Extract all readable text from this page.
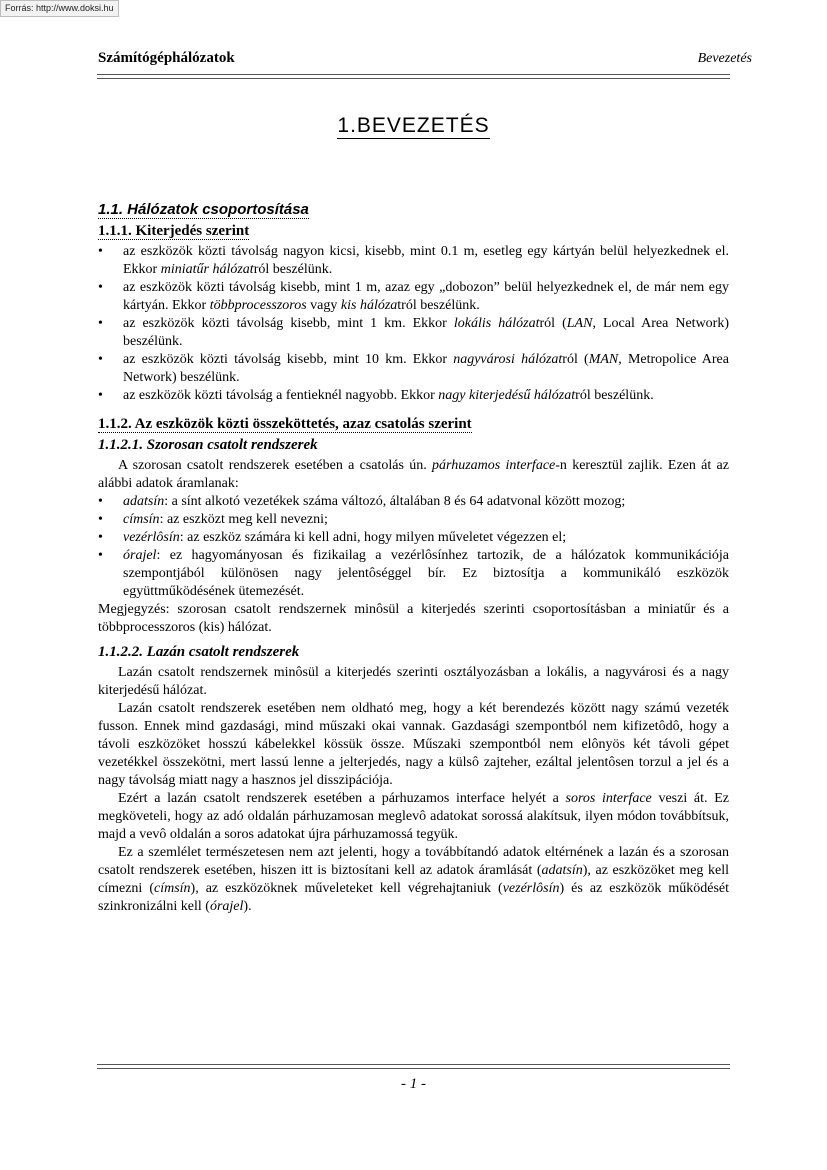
Forrás: http://www.doksi.hu
Számítógéphálózatok	Bevezetés
1.BEVEZETÉS
1.1. Hálózatok csoportosítása
1.1.1. Kiterjedés szerint
• az eszközök közti távolság nagyon kicsi, kisebb, mint 0.1 m, esetleg egy kártyán belül helyezkednek el. Ekkor miniatűr hálózatról beszélünk.
• az eszközök közti távolság kisebb, mint 1 m, azaz egy „dobozon” belül helyezkednek el, de már nem egy kártyán. Ekkor többprocesszoros vagy kis hálózatról beszélünk.
• az eszközök közti távolság kisebb, mint 1 km. Ekkor lokális hálózatról (LAN, Local Area Network) beszélünk.
• az eszközök közti távolság kisebb, mint 10 km. Ekkor nagyvárosi hálózatról (MAN, Metropolice Area Network) beszélünk.
• az eszközök közti távolság a fentieknél nagyobb. Ekkor nagy kiterjedésű hálózatról beszélünk.
1.1.2. Az eszközök közti összeköttetés, azaz csatolás szerint
1.1.2.1. Szorosan csatolt rendszerek

A szorosan csatolt rendszerek esetében a csatolás ún. párhuzamos interface-n keresztül zajlik. Ezen át az alábbi adatok áramlanak:

• adatsín: a sínt alkotó vezetékek száma változó, általában 8 és 64 adatvonal között mozog;
• címsín: az eszközt meg kell nevezni;
• vezérlôsín: az eszköz számára ki kell adni, hogy milyen műveletet végezzen el;
• órajel: ez hagyományosan és fizikailag a vezérlôsínhez tartozik, de a hálózatok kommunikációja szempontjából különösen nagy jelentôséggel bír. Ez biztosítja a kommunikáló eszközök együttműködésének ütemezését.

Megjegyzés: szorosan csatolt rendszernek minôsül a kiterjedés szerinti csoportosításban a miniatűr és a többprocesszoros (kis) hálózat.

1.1.2.2. Lazán csatolt rendszerek

Lazán csatolt rendszernek minôsül a kiterjedés szerinti osztályozásban a lokális, a nagyvárosi és a nagy kiterjedésű hálózat.

Lazán csatolt rendszerek esetében nem oldható meg, hogy a két berendezés között nagy számú vezeték fusson. Ennek mind gazdasági, mind műszaki okai vannak. Gazdasági szempontból nem kifizetôdô, hogy a távoli eszközöket hosszú kábelekkel kössük össze. Műszaki szempontból nem elônyös két távoli gépet vezetékkel összekötni, mert lassú lenne a jelterjedés, nagy a külsô zajteher, ezáltal jelentôsen torzul a jel és a nagy távolság miatt nagy a hasznos jel disszipációja.

Ezért a lazán csatolt rendszerek esetében a párhuzamos interface helyét a soros interface veszi át. Ez megköveteli, hogy az adó oldalán párhuzamosan meglevô adatokat sorossá alakítsuk, ilyen módon továbbítsuk, majd a vevô oldalán a soros adatokat újra párhuzamossá tegyük.

Ez a szemlélet természetesen nem azt jelenti, hogy a továbbítandó adatok eltérnének a lazán és a szorosan csatolt rendszerek esetében, hiszen itt is biztosítani kell az adatok áramlását (adatsín), az eszközöket meg kell címezni (címsín), az eszközöknek műveleteket kell végrehajtaniuk (vezérlôsín) és az eszközök működését szinkronizálni kell (órajel).

- 1 -
